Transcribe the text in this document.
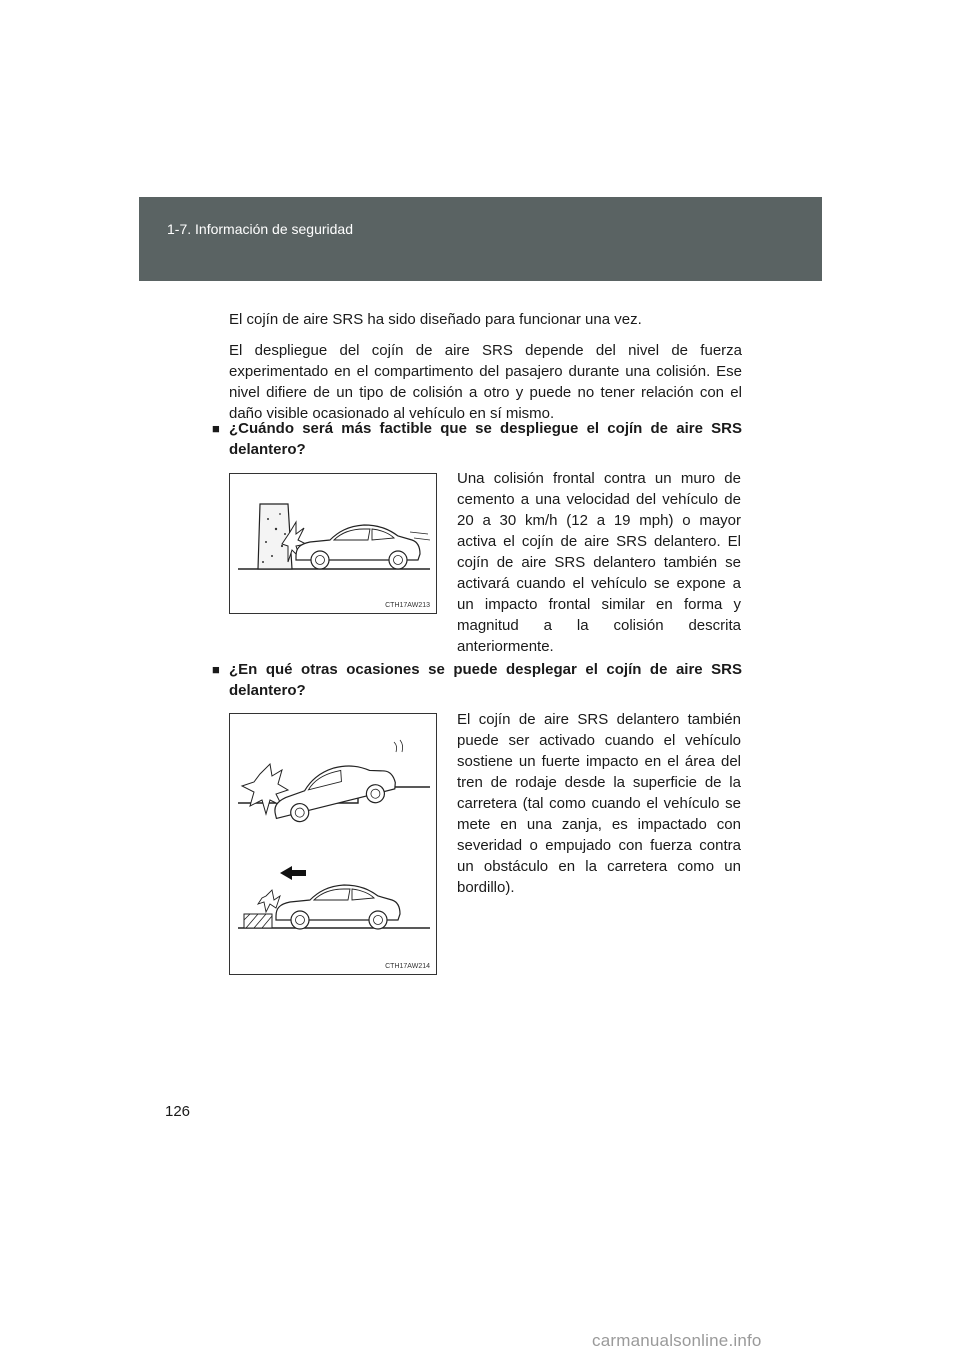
1-7. Información de seguridad

El cojín de aire SRS ha sido diseñado para funcionar una vez.

El despliegue del cojín de aire SRS depende del nivel de fuerza experimentado en el compartimento del pasajero durante una colisión. Ese nivel difiere de un tipo de colisión a otro y puede no tener relación con el daño visible ocasionado al vehículo en sí mismo.

■ ¿Cuándo será más factible que se despliegue el cojín de aire SRS delantero?
CTH17AW213

Una colisión frontal contra un muro de cemento a una velocidad del vehículo de 20 a 30 km/h (12 a 19 mph) o mayor activa el cojín de aire SRS delantero. El cojín de aire SRS delantero también se activará cuando el vehículo se expone a un impacto frontal similar en forma y magnitud a la colisión descrita anteriormente.

■ ¿En qué otras ocasiones se puede desplegar el cojín de aire SRS delantero?
CTH17AW214

El cojín de aire SRS delantero también puede ser activado cuando el vehículo sostiene un fuerte impacto en el área del tren de rodaje desde la superficie de la carretera (tal como cuando el vehículo se mete en una zanja, es impactado con severidad o empujado con fuerza contra un obstáculo en la carretera como un bordillo).

126
carmanualsonline.info
